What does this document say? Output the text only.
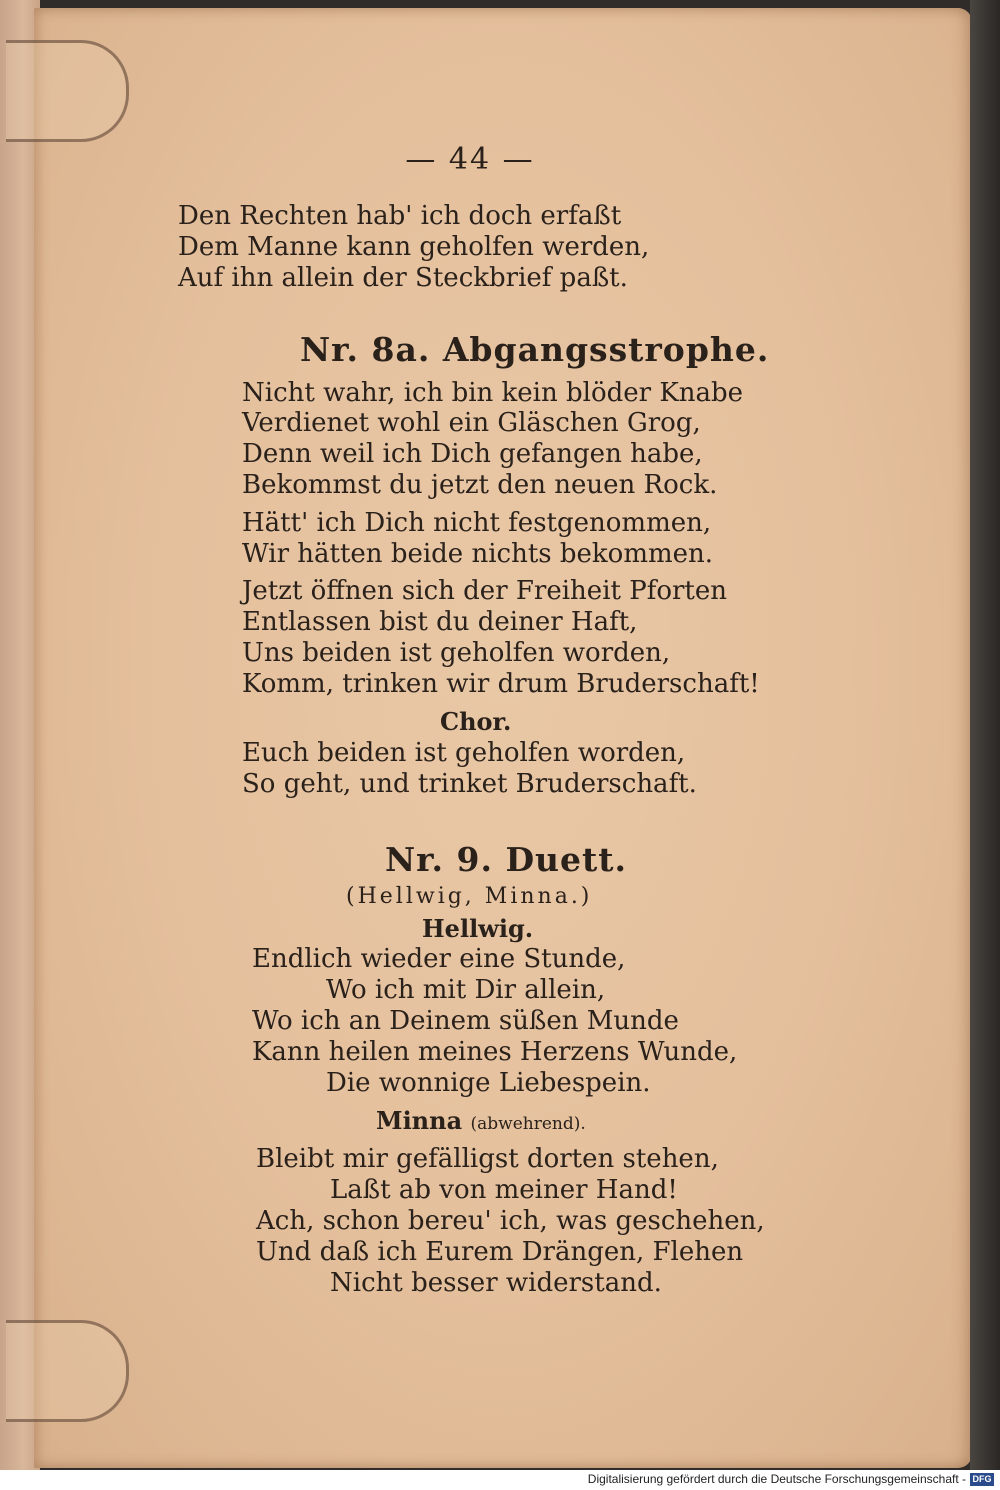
— 44 —
Den Rechten hab' ich doch erfaßt
Dem Manne kann geholfen werden,
Auf ihn allein der Steckbrief paßt.
Nr. 8a. Abgangsstrophe.
Nicht wahr, ich bin kein blöder Knabe
Verdienet wohl ein Gläschen Grog,
Denn weil ich Dich gefangen habe,
Bekommst du jetzt den neuen Rock.
Hätt' ich Dich nicht festgenommen,
Wir hätten beide nichts bekommen.
Jetzt öffnen sich der Freiheit Pforten
Entlassen bist du deiner Haft,
Uns beiden ist geholfen worden,
Komm, trinken wir drum Bruderschaft!
Chor.
Euch beiden ist geholfen worden,
So geht, und trinket Bruderschaft.
Nr. 9. Duett.
(Hellwig, Minna.)
Hellwig.
Endlich wieder eine Stunde,
Wo ich mit Dir allein,
Wo ich an Deinem süßen Munde
Kann heilen meines Herzens Wunde,
Die wonnige Liebespein.
Minna (abwehrend).
Bleibt mir gefälligst dorten stehen,
Laßt ab von meiner Hand!
Ach, schon bereu' ich, was geschehen,
Und daß ich Eurem Drängen, Flehen
Nicht besser widerstand.
Digitalisierung gefördert durch die Deutsche Forschungsgemeinschaft - DFG
